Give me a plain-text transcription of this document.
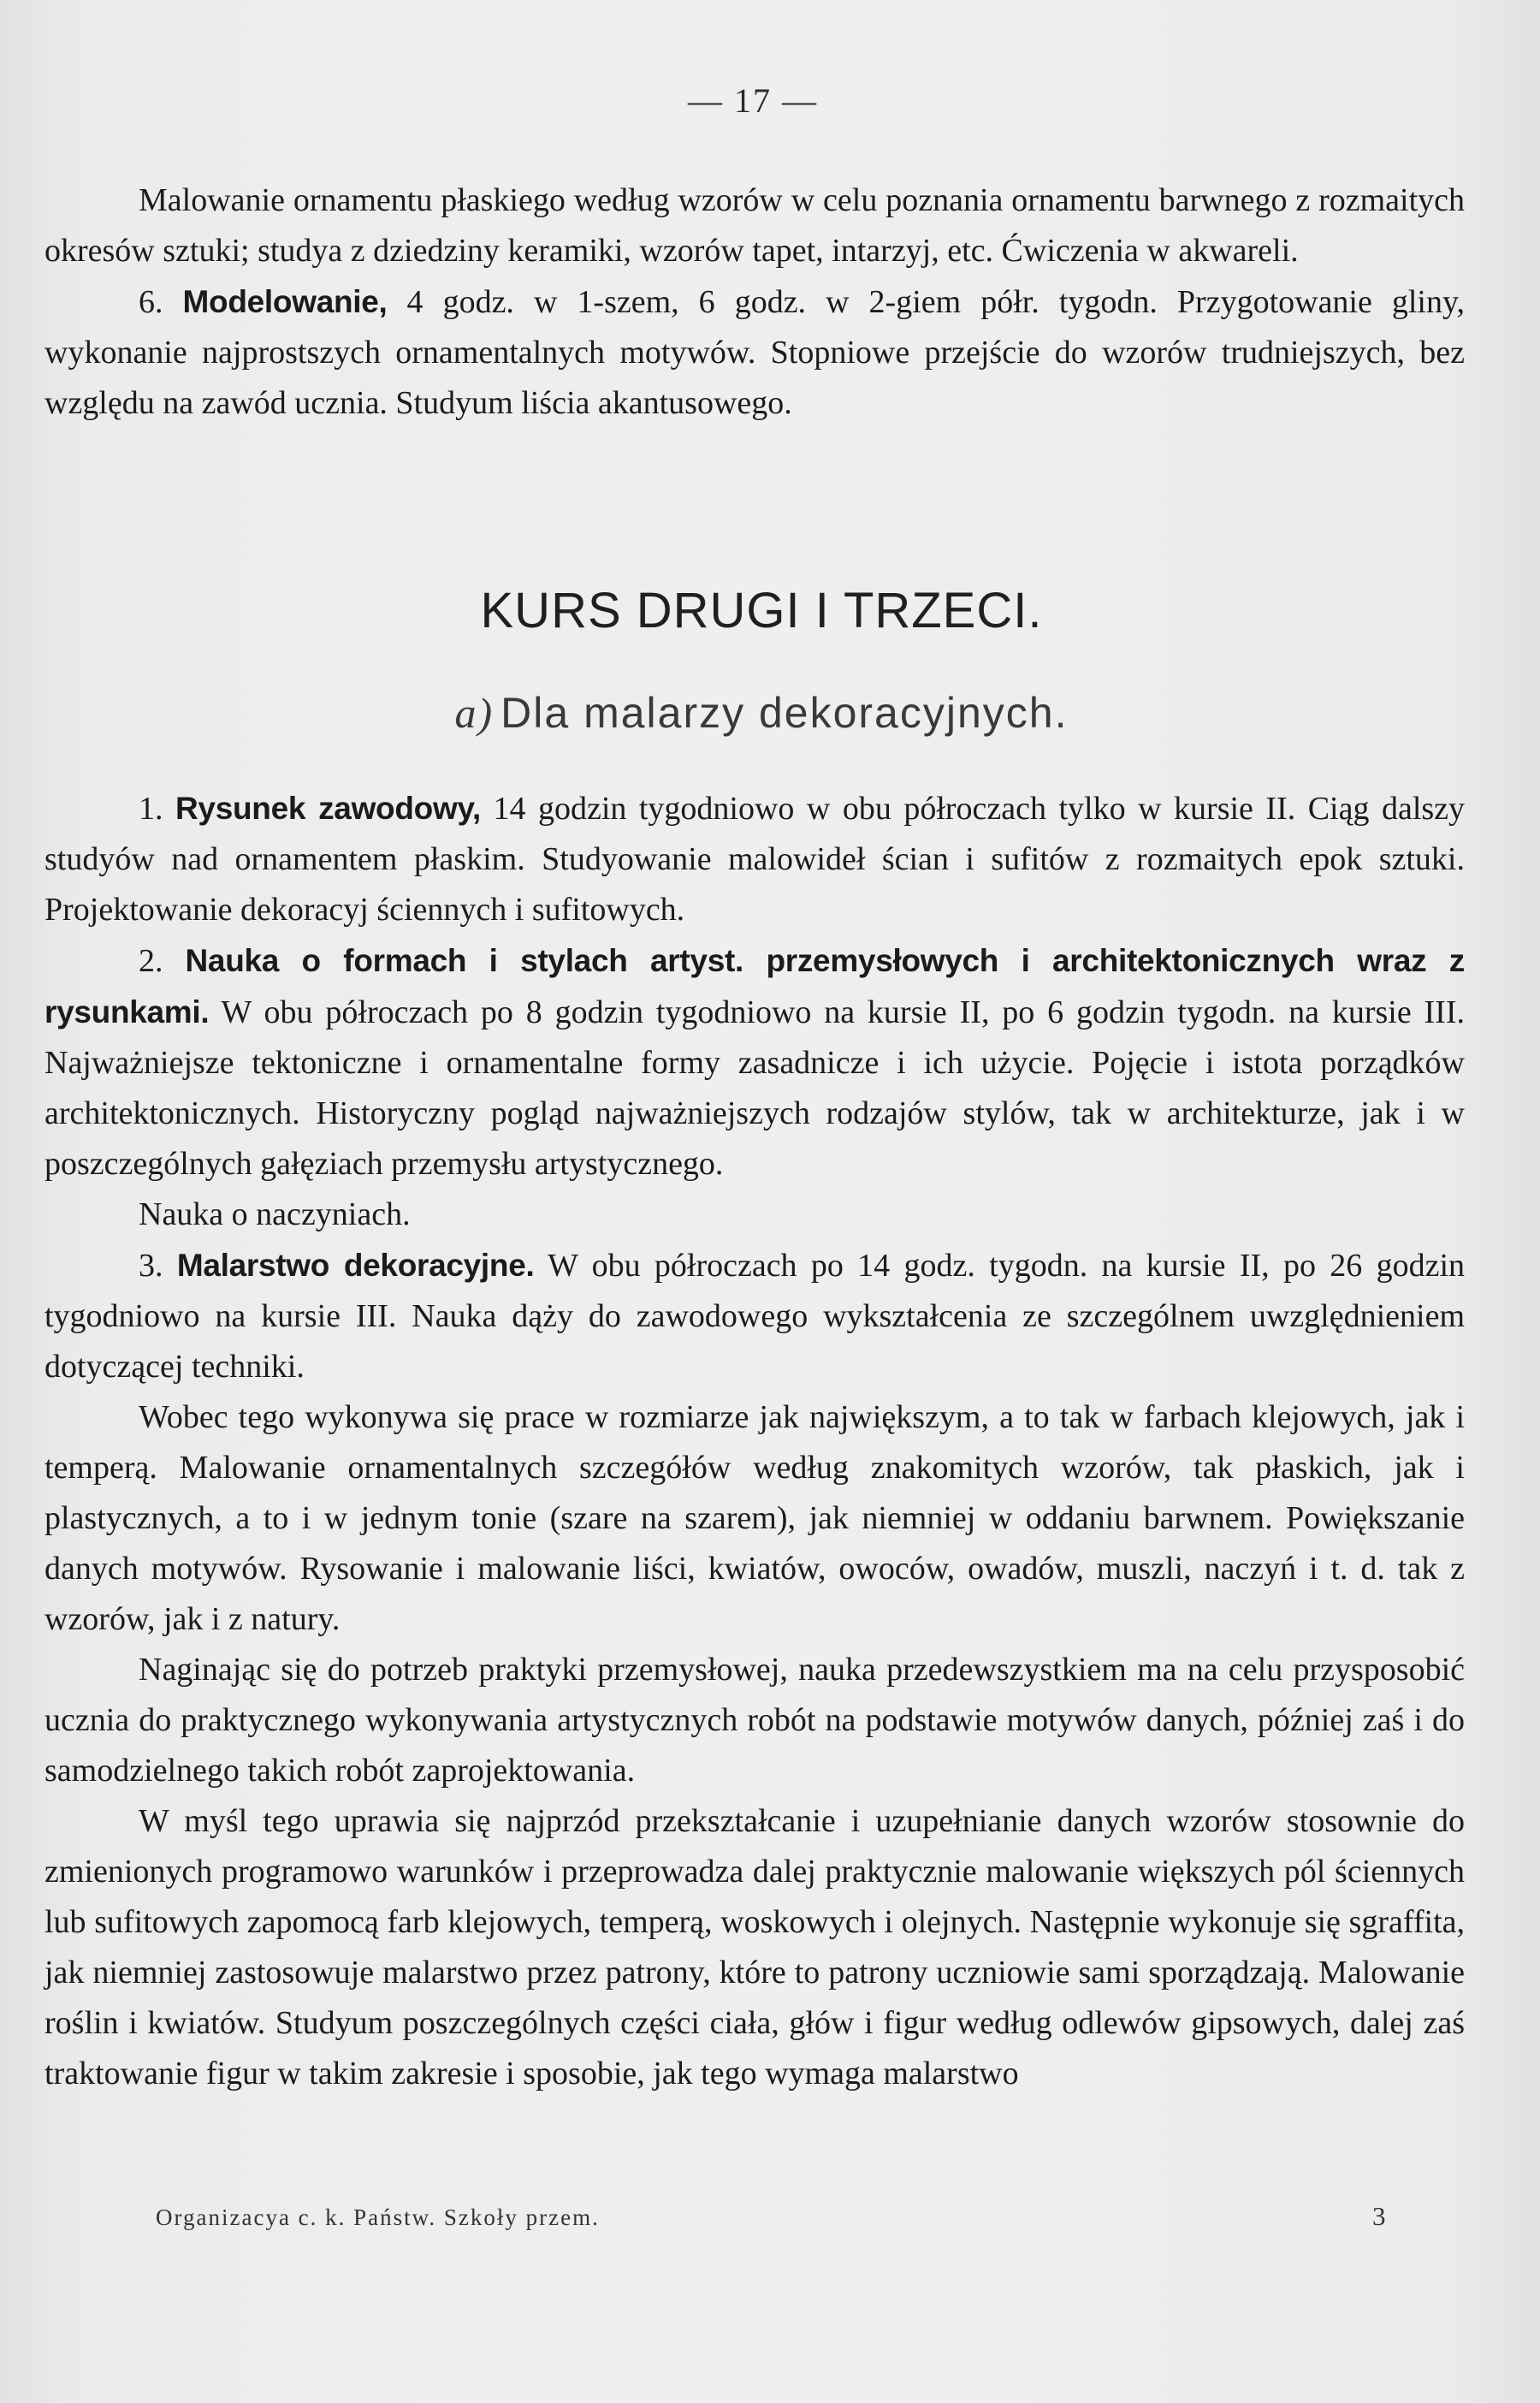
— 17 —

Malowanie ornamentu płaskiego według wzorów w celu poznania ornamentu barwnego z rozmaitych okresów sztuki; studya z dziedziny keramiki, wzorów tapet, intarzyj, etc. Ćwiczenia w akwareli.

6. Modelowanie, 4 godz. w 1-szem, 6 godz. w 2-giem półr. tygodn. Przygotowanie gliny, wykonanie najprostszych ornamentalnych motywów. Stopniowe przejście do wzorów trudniejszych, bez względu na zawód ucznia. Studyum liścia akantusowego.

KURS DRUGI I TRZECI.
a) Dla malarzy dekoracyjnych.

1. Rysunek zawodowy, 14 godzin tygodniowo w obu półroczach tylko w kursie II. Ciąg dalszy studyów nad ornamentem płaskim. Studyowanie malowideł ścian i sufitów z rozmaitych epok sztuki. Projektowanie dekoracyj ściennych i sufitowych.

2. Nauka o formach i stylach artyst. przemysłowych i architektonicznych wraz z rysunkami. W obu półroczach po 8 godzin tygodniowo na kursie II, po 6 godzin tygodn. na kursie III. Najważniejsze tektoniczne i ornamentalne formy zasadnicze i ich użycie. Pojęcie i istota porządków architektonicznych. Historyczny pogląd najważniejszych rodzajów stylów, tak w architekturze, jak i w poszczególnych gałęziach przemysłu artystycznego.

Nauka o naczyniach.

3. Malarstwo dekoracyjne. W obu półroczach po 14 godz. tygodn. na kursie II, po 26 godzin tygodniowo na kursie III. Nauka dąży do zawodowego wykształcenia ze szczególnem uwzględnieniem dotyczącej techniki.

Wobec tego wykonywa się prace w rozmiarze jak największym, a to tak w farbach klejowych, jak i temperą. Malowanie ornamentalnych szczegółów według znakomitych wzorów, tak płaskich, jak i plastycznych, a to i w jednym tonie (szare na szarem), jak niemniej w oddaniu barwnem. Powiększanie danych motywów. Rysowanie i malowanie liści, kwiatów, owoców, owadów, muszli, naczyń i t. d. tak z wzorów, jak i z natury.

Naginając się do potrzeb praktyki przemysłowej, nauka przedewszystkiem ma na celu przysposobić ucznia do praktycznego wykonywania artystycznych robót na podstawie motywów danych, później zaś i do samodzielnego takich robót zaprojektowania.

W myśl tego uprawia się najprzód przekształcanie i uzupełnianie danych wzorów stosownie do zmienionych programowo warunków i przeprowadza dalej praktycznie malowanie większych pól ściennych lub sufitowych zapomocą farb klejowych, temperą, woskowych i olejnych. Następnie wykonuje się sgraffita, jak niemniej zastosowuje malarstwo przez patrony, które to patrony uczniowie sami sporządzają. Malowanie roślin i kwiatów. Studyum poszczególnych części ciała, głów i figur według odlewów gipsowych, dalej zaś traktowanie figur w takim zakresie i sposobie, jak tego wymaga malarstwo

Organizacya c. k. Państw. Szkoły przem.	3
